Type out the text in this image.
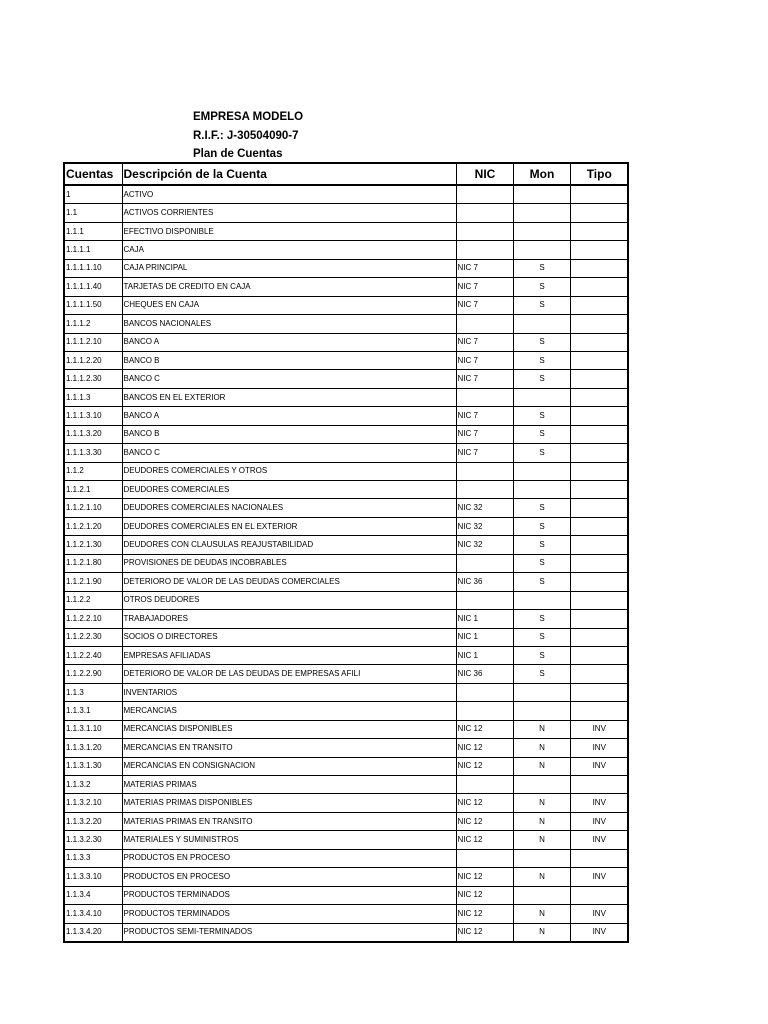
EMPRESA MODELO
R.I.F.: J-30504090-7
Plan de Cuentas
Cuentas	Descripción de la Cuenta	NIC	Mon	Tipo
1	ACTIVO			
1.1	ACTIVOS CORRIENTES			
1.1.1	EFECTIVO DISPONIBLE			
1.1.1.1	CAJA			
1.1.1.1.10	CAJA PRINCIPAL	NIC 7	S	
1.1.1.1.40	TARJETAS DE CREDITO EN CAJA	NIC 7	S	
1.1.1.1.50	CHEQUES EN CAJA	NIC 7	S	
1.1.1.2	BANCOS NACIONALES			
1.1.1.2.10	BANCO A	NIC 7	S	
1.1.1.2.20	BANCO B	NIC 7	S	
1.1.1.2.30	BANCO C	NIC 7	S	
1.1.1.3	BANCOS EN EL EXTERIOR			
1.1.1.3.10	BANCO A	NIC 7	S	
1.1.1.3.20	BANCO B	NIC 7	S	
1.1.1.3.30	BANCO C	NIC 7	S	
1.1.2	DEUDORES COMERCIALES Y OTROS			
1.1.2.1	DEUDORES COMERCIALES			
1.1.2.1.10	DEUDORES COMERCIALES NACIONALES	NIC 32	S	
1.1.2.1.20	DEUDORES COMERCIALES EN EL EXTERIOR	NIC 32	S	
1.1.2.1.30	DEUDORES CON CLAUSULAS REAJUSTABILIDAD	NIC 32	S	
1.1.2.1.80	PROVISIONES DE DEUDAS INCOBRABLES		S	
1.1.2.1.90	DETERIORO DE VALOR DE LAS DEUDAS COMERCIALES	NIC 36	S	
1.1.2.2	OTROS DEUDORES			
1.1.2.2.10	TRABAJADORES	NIC 1	S	
1.1.2.2.30	SOCIOS O DIRECTORES	NIC 1	S	
1.1.2.2.40	EMPRESAS AFILIADAS	NIC 1	S	
1.1.2.2.90	DETERIORO DE VALOR DE LAS DEUDAS DE EMPRESAS AFILI	NIC 36	S	
1.1.3	INVENTARIOS			
1.1.3.1	MERCANCIAS			
1.1.3.1.10	MERCANCIAS DISPONIBLES	NIC 12	N	INV
1.1.3.1.20	MERCANCIAS EN TRANSITO	NIC 12	N	INV
1.1.3.1.30	MERCANCIAS EN CONSIGNACION	NIC 12	N	INV
1.1.3.2	MATERIAS PRIMAS			
1.1.3.2.10	MATERIAS PRIMAS DISPONIBLES	NIC 12	N	INV
1.1.3.2.20	MATERIAS PRIMAS EN TRANSITO	NIC 12	N	INV
1.1.3.2.30	MATERIALES Y SUMINISTROS	NIC 12	N	INV
1.1.3.3	PRODUCTOS EN PROCESO			
1.1.3.3.10	PRODUCTOS EN PROCESO	NIC 12	N	INV
1.1.3.4	PRODUCTOS TERMINADOS	NIC 12		
1.1.3.4.10	PRODUCTOS TERMINADOS	NIC 12	N	INV
1.1.3.4.20	PRODUCTOS SEMI-TERMINADOS	NIC 12	N	INV
